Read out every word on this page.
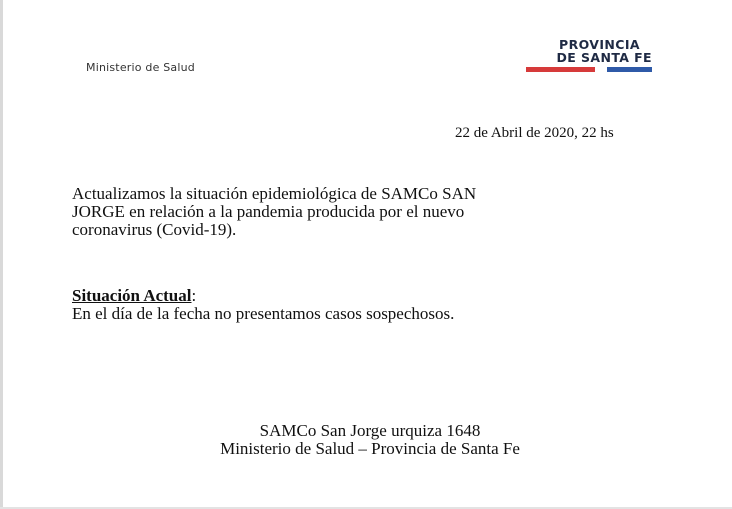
Ministerio de Salud
PROVINCIA
DE SANTA FE
22 de Abril de 2020, 22 hs
Actualizamos la situación epidemiológica de SAMCo SAN
JORGE en relación a la pandemia producida por el nuevo
coronavirus (Covid-19).
Situación Actual:
En el día de la fecha no presentamos casos sospechosos.
SAMCo San Jorge urquiza 1648
Ministerio de Salud – Provincia de Santa Fe
